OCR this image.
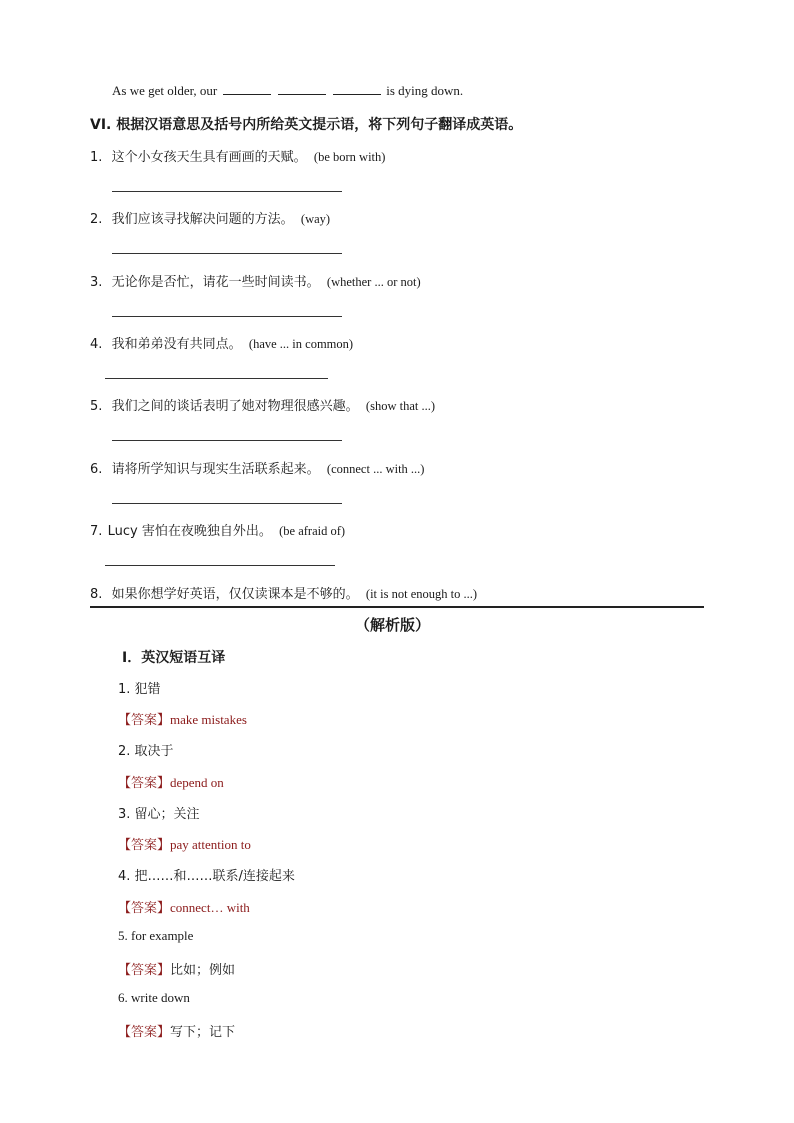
As we get older, our	is dying down.
VI. 根据汉语意思及括号内所给英文提示语，将下列句子翻译成英语。
1. 这个小女孩天生具有画画的天赋。 (be born with)
2. 我们应该寻找解决问题的方法。 (way)
3. 无论你是否忙，请花一些时间读书。 (whether ... or not)
4. 我和弟弟没有共同点。 (have ... in common)
5. 我们之间的谈话表明了她对物理很感兴趣。 (show that ...)
6. 请将所学知识与现实生活联系起来。 (connect ... with ...)
7. Lucy 害怕在夜晚独自外出。 (be afraid of)
8. 如果你想学好英语，仅仅读课本是不够的。 (it is not enough to ...)
（解析版）
I．英汉短语互译
1. 犯错
【答案】make mistakes
2. 取决于
【答案】depend on
3. 留心；关注
【答案】pay attention to
4. 把……和……联系/连接起来
【答案】connect… with
5. for example
【答案】比如；例如
6. write down
【答案】写下；记下
